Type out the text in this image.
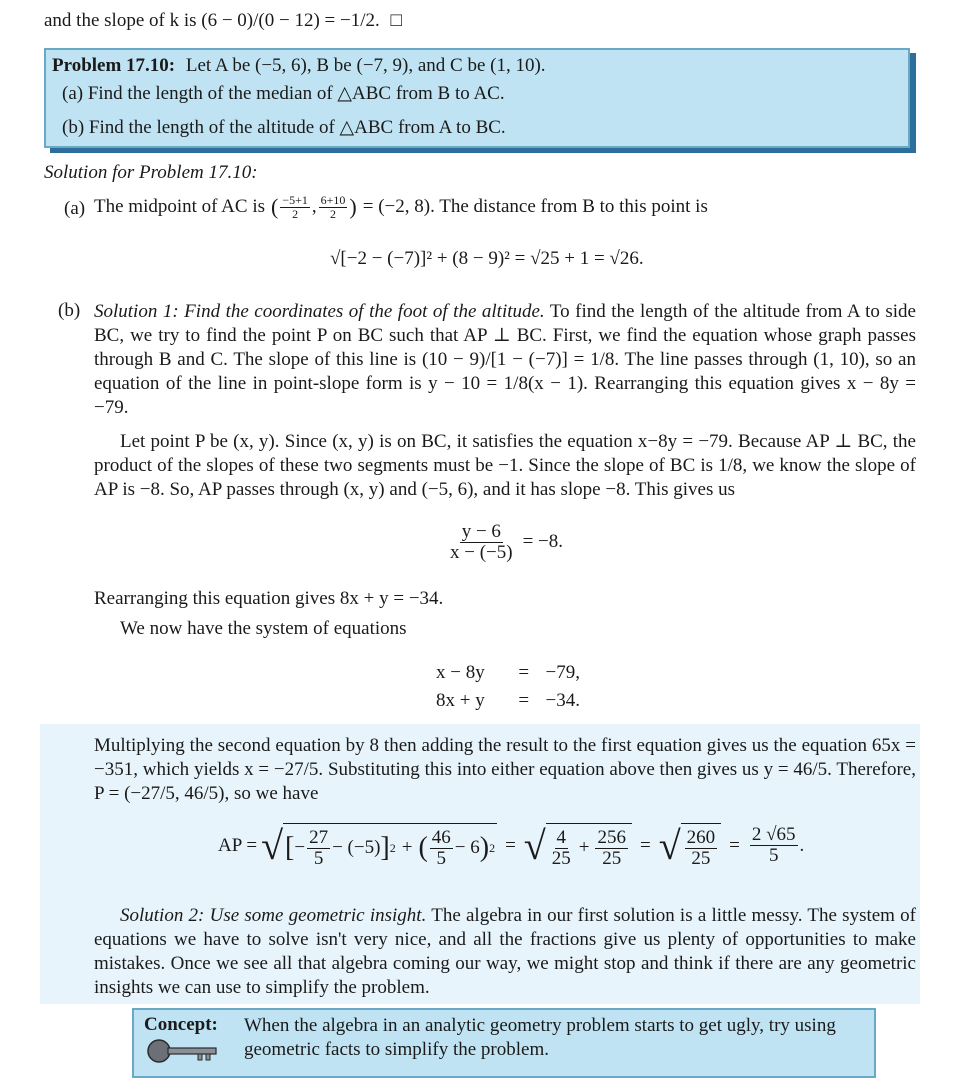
and the slope of k is (6 − 0)/(0 − 12) = −1/2. □
Problem 17.10: Let A be (−5, 6), B be (−7, 9), and C be (1, 10).
(a) Find the length of the median of △ABC from B to AC.
(b) Find the length of the altitude of △ABC from A to BC.
Solution for Problem 17.10:
(a) The midpoint of AC is ( $\frac{-5+1}{2}$ , $\frac{6+10}{2}$ ) = (−2, 8). The distance from B to this point is
√[−2 − (−7)]² + (8 − 9)² = √25 + 1 = √26.
(b) Solution 1: Find the coordinates of the foot of the altitude. To find the length of the altitude from A to side BC, we try to find the point P on BC such that AP ⊥ BC. First, we find the equation whose graph passes through B and C. The slope of this line is (10 − 9)/[1 − (−7)] = 1/8. The line passes through (1, 10), so an equation of the line in point-slope form is y − 10 = 1/8(x − 1). Rearranging this equation gives x − 8y = −79.
Let point P be (x, y). Since (x, y) is on BC, it satisfies the equation x−8y = −79. Because AP ⊥ BC, the product of the slopes of these two segments must be −1. Since the slope of BC is 1/8, we know the slope of AP is −8. So, AP passes through (x, y) and (−5, 6), and it has slope −8. This gives us
$\frac{y - 6}{x - (-5)} = -8$.
Rearranging this equation gives 8x + y = −34.
We now have the system of equations
x − 8y = −79,
8x + y = −34.
Multiplying the second equation by 8 then adding the result to the first equation gives us the equation 65x = −351, which yields x = −27/5. Substituting this into either equation above then gives us y = 46/5. Therefore, P = (−27/5, 46/5), so we have
AP = √ [ − $\frac{27}{5} - (-5)$ ] 2 + ( $\frac{46}{5} - 6$ ) 2 = √ $\frac{4}{25} + \frac{256}{25}$ = √ $\frac{260}{25} = \frac{2 √65}{5}$ .
Solution 2: Use some geometric insight. The algebra in our first solution is a little messy. The system of equations we have to solve isn't very nice, and all the fractions give us plenty of opportunities to make mistakes. Once we see all that algebra coming our way, we might stop and think if there are any geometric insights we can use to simplify the problem.
Concept: When the algebra in an analytic geometry problem starts to get ugly, try using geometric facts to simplify the problem.
